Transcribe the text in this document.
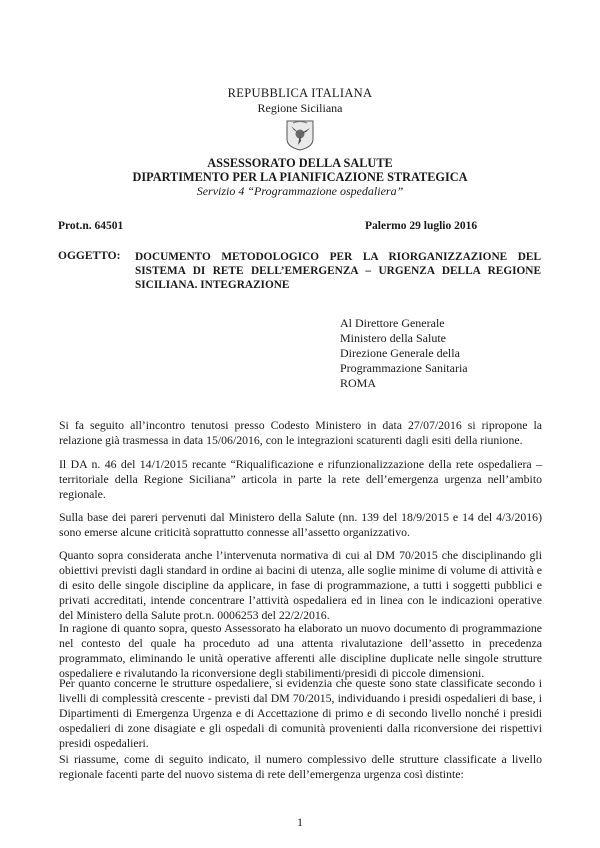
REPUBBLICA ITALIANA
Regione Siciliana
ASSESSORATO DELLA SALUTE
DIPARTIMENTO PER LA PIANIFICAZIONE STRATEGICA
Servizio 4 “Programmazione ospedaliera”
Prot.n. 64501	Palermo 29 luglio 2016
OGGETTO: DOCUMENTO METODOLOGICO PER LA RIORGANIZZAZIONE DEL SISTEMA DI RETE DELL’EMERGENZA – URGENZA DELLA REGIONE SICILIANA. INTEGRAZIONE
Al Direttore Generale
Ministero della Salute
Direzione Generale della
Programmazione Sanitaria
ROMA
Si fa seguito all’incontro tenutosi presso Codesto Ministero in data 27/07/2016 si ripropone la relazione già trasmessa in data 15/06/2016, con le integrazioni scaturenti dagli esiti della riunione.
Il DA n. 46 del 14/1/2015 recante “Riqualificazione e rifunzionalizzazione della rete ospedaliera – territoriale della Regione Siciliana” articola in parte la rete dell’emergenza urgenza nell’ambito regionale.
Sulla base dei pareri pervenuti dal Ministero della Salute (nn. 139 del 18/9/2015 e 14 del 4/3/2016) sono emerse alcune criticità soprattutto connesse all’assetto organizzativo.
Quanto sopra considerata anche l’intervenuta normativa di cui al DM 70/2015 che disciplinando gli obiettivi previsti dagli standard in ordine ai bacini di utenza, alle soglie minime di volume di attività e di esito delle singole discipline da applicare, in fase di programmazione, a tutti i soggetti pubblici e privati accreditati, intende concentrare l’attività ospedaliera ed in linea con le indicazioni operative del Ministero della Salute prot.n. 0006253 del 22/2/2016.
In ragione di quanto sopra, questo Assessorato ha elaborato un nuovo documento di programmazione nel contesto del quale ha proceduto ad una attenta rivalutazione dell’assetto in precedenza programmato, eliminando le unità operative afferenti alle discipline duplicate nelle singole strutture ospedaliere e rivalutando la riconversione degli stabilimenti/presidi di piccole dimensioni.
Per quanto concerne le strutture ospedaliere, si evidenzia che queste sono state classificate secondo i livelli di complessità crescente - previsti dal DM 70/2015, individuando i presidi ospedalieri di base, i Dipartimenti di Emergenza Urgenza e di Accettazione di primo e di secondo livello nonché i presidi ospedalieri di zone disagiate e gli ospedali di comunità provenienti dalla riconversione dei rispettivi presidi ospedalieri.
Si riassume, come di seguito indicato, il numero complessivo delle strutture classificate a livello regionale facenti parte del nuovo sistema di rete dell’emergenza urgenza così distinte:
1
